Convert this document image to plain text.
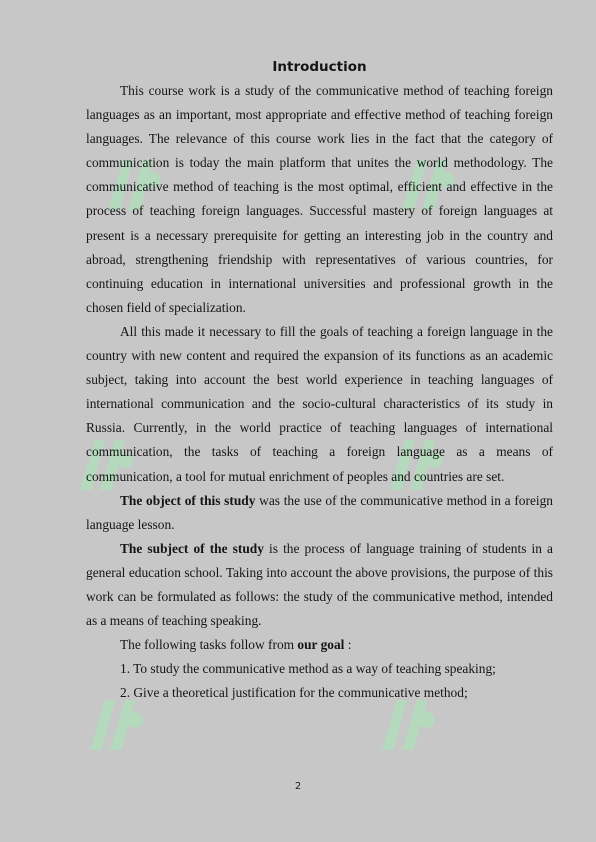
Introduction

This course work is a study of the communicative method of teaching foreign languages as an important, most appropriate and effective method of teaching foreign languages. The relevance of this course work lies in the fact that the category of communication is today the main platform that unites the world methodology. The communicative method of teaching is the most optimal, efficient and effective in the process of teaching foreign languages. Successful mastery of foreign languages at present is a necessary prerequisite for getting an interesting job in the country and abroad, strengthening friendship with representatives of various countries, for continuing education in international universities and professional growth in the chosen field of specialization.

All this made it necessary to fill the goals of teaching a foreign language in the country with new content and required the expansion of its functions as an academic subject, taking into account the best world experience in teaching languages of international communication and the socio-cultural characteristics of its study in Russia. Currently, in the world practice of teaching languages of international communication, the tasks of teaching a foreign language as a means of communication, a tool for mutual enrichment of peoples and countries are set.

The object of this study was the use of the communicative method in a foreign language lesson.

The subject of the study is the process of language training of students in a general education school. Taking into account the above provisions, the purpose of this work can be formulated as follows: the study of the communicative method, intended as a means of teaching speaking.

The following tasks follow from our goal :

1. To study the communicative method as a way of teaching speaking;

2. Give a theoretical justification for the communicative method;

2
